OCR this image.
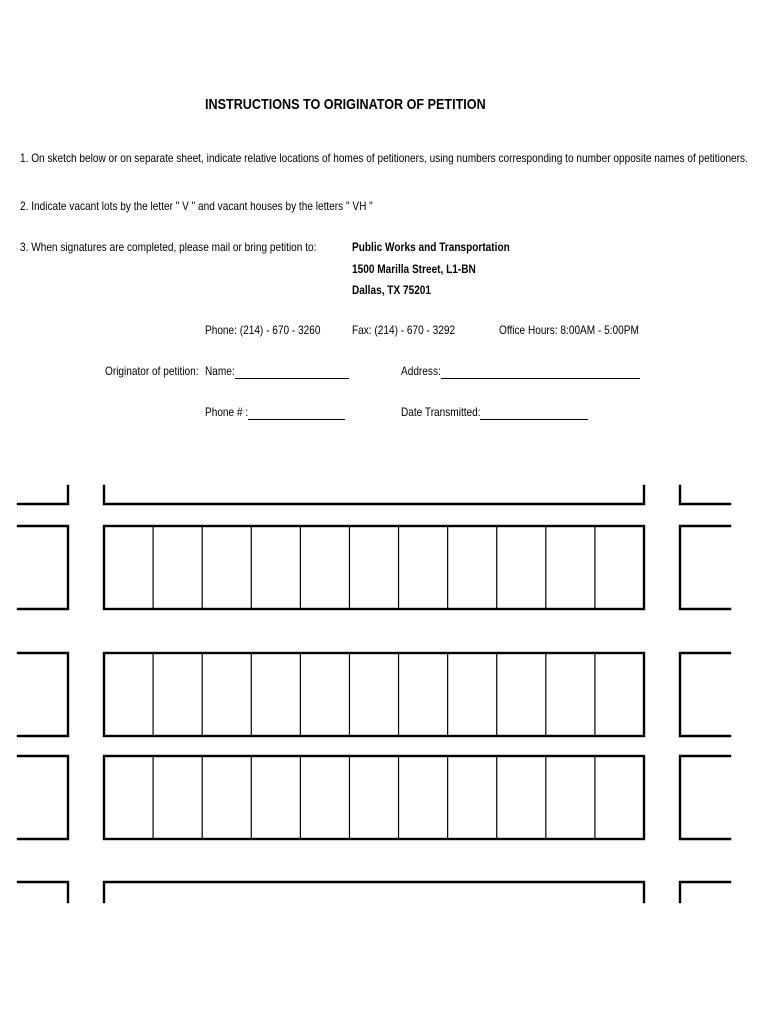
INSTRUCTIONS TO ORIGINATOR OF PETITION
1. On sketch below or on separate sheet, indicate relative locations of homes of petitioners, using numbers corresponding to number opposite names of petitioners.
2. Indicate vacant lots by the letter " V " and vacant houses by the letters " VH "
3. When signatures are completed, please mail or bring petition to:	Public Works and Transportation
1500 Marilla Street, L1-BN
Dallas, TX 75201
Phone: (214) - 670 - 3260	Fax: (214) - 670 - 3292	Office Hours: 8:00AM - 5:00PM
Originator of petition: Name:	Address:
Phone # :	Date Transmitted:
